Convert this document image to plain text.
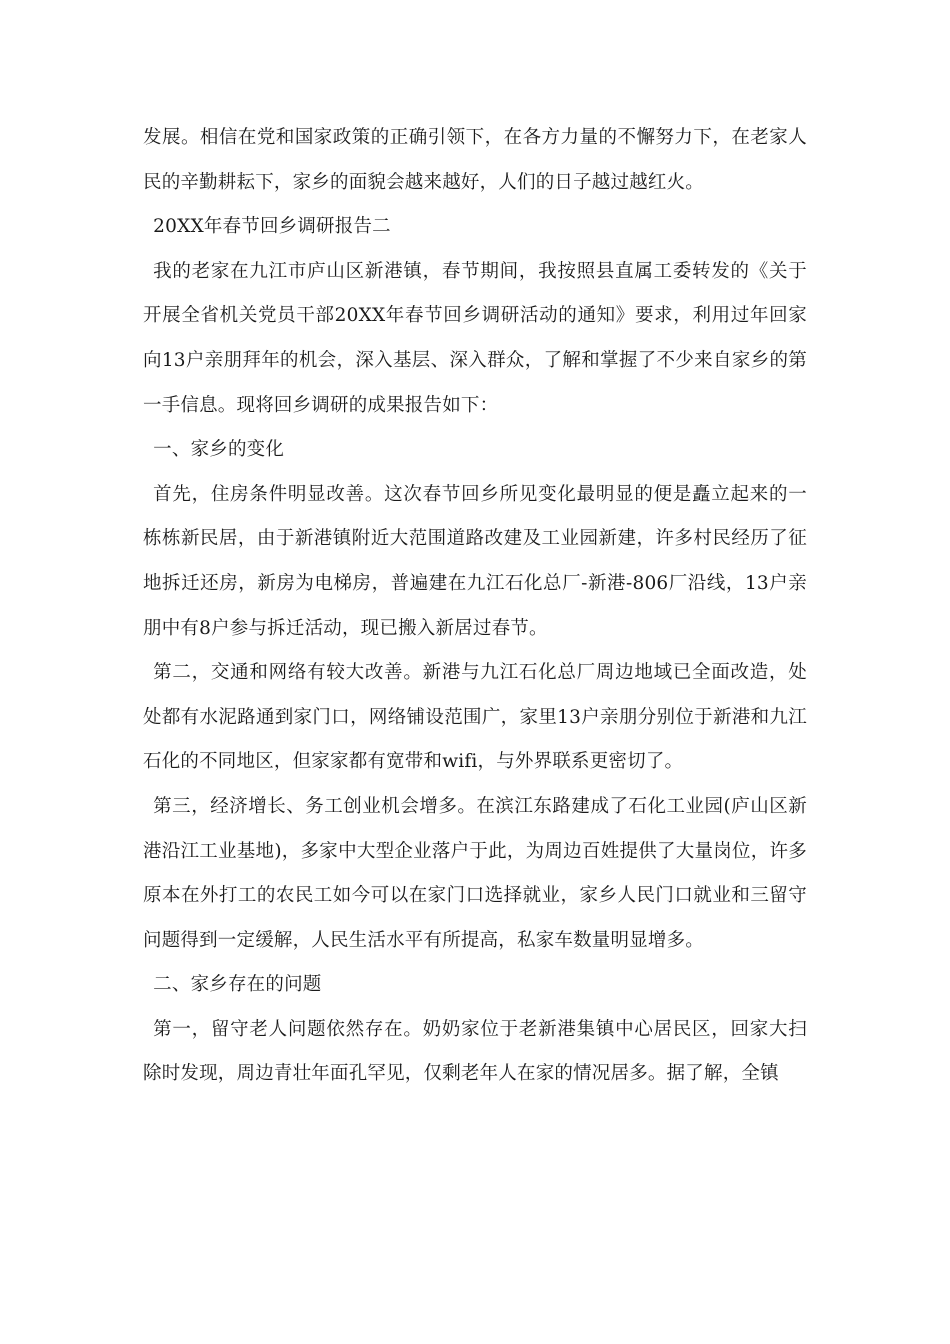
发展。相信在党和国家政策的正确引领下，在各方力量的不懈努力下，在老家人民的辛勤耕耘下，家乡的面貌会越来越好，人们的日子越过越红火。

20XX年春节回乡调研报告二

我的老家在九江市庐山区新港镇，春节期间，我按照县直属工委转发的《关于开展全省机关党员干部20XX年春节回乡调研活动的通知》要求，利用过年回家向13户亲朋拜年的机会，深入基层、深入群众，了解和掌握了不少来自家乡的第一手信息。现将回乡调研的成果报告如下：

一、家乡的变化

首先，住房条件明显改善。这次春节回乡所见变化最明显的便是矗立起来的一栋栋新民居，由于新港镇附近大范围道路改建及工业园新建，许多村民经历了征地拆迁还房，新房为电梯房，普遍建在九江石化总厂-新港-806厂沿线，13户亲朋中有8户参与拆迁活动，现已搬入新居过春节。

第二，交通和网络有较大改善。新港与九江石化总厂周边地域已全面改造，处处都有水泥路通到家门口，网络铺设范围广，家里13户亲朋分别位于新港和九江石化的不同地区，但家家都有宽带和wifi，与外界联系更密切了。

第三，经济增长、务工创业机会增多。在滨江东路建成了石化工业园(庐山区新港沿江工业基地)，多家中大型企业落户于此，为周边百姓提供了大量岗位，许多原本在外打工的农民工如今可以在家门口选择就业，家乡人民门口就业和三留守问题得到一定缓解，人民生活水平有所提高，私家车数量明显增多。

二、家乡存在的问题

第一，留守老人问题依然存在。奶奶家位于老新港集镇中心居民区，回家大扫除时发现，周边青壮年面孔罕见，仅剩老年人在家的情况居多。据了解，全镇
